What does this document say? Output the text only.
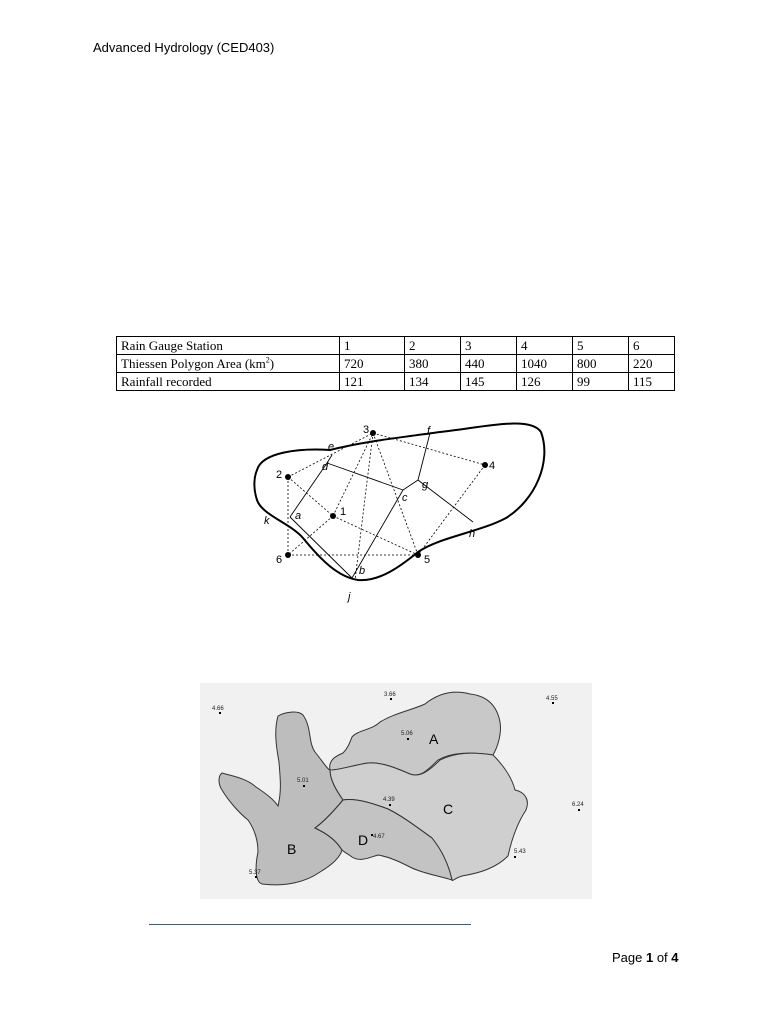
Advanced Hydrology (CED403)
Rain Gauge Station	1	2	3	4	5	6
Thiessen Polygon Area $(km^2)$	720	380	440	1040	800	220
Rainfall recorded	121	134	145	126	99	115
1
2
3
4
5
6
a
b
c
d
e
f
g
h
j
k
A
B
C
D
4.66
3.66
4.55
5.06
5.01
4.39
6.24
4.67
5.43
5.37
Page 1 of 4
